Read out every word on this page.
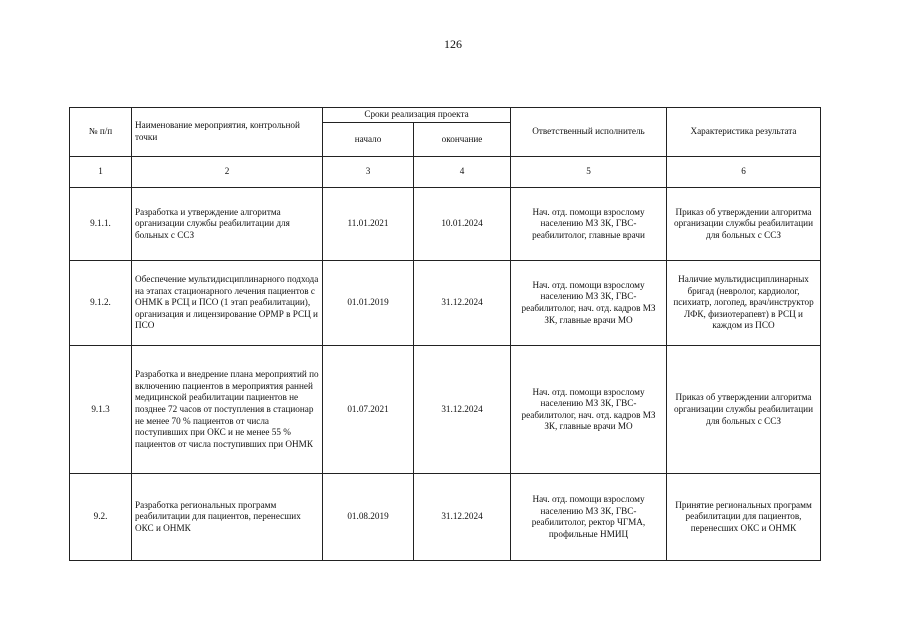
126
№ п/п	Наименование мероприятия, контрольной точки	Сроки реализация проекта		Ответственный исполнитель	Характеристика результата
		начало	окончание		
1	2	3	4	5	6
9.1.1.	Разработка и утверждение алгоритма организации службы реабилитации для больных с ССЗ	11.01.2021	10.01.2024	Нач. отд. помощи взрослому населению МЗ ЗК, ГВС-реабилитолог, главные врачи	Приказ об утверждении алгоритма организации службы реабилитации для больных с ССЗ
9.1.2.	Обеспечение мультидисциплинарного подхода на этапах стационарного лечения пациентов с ОНМК в РСЦ и ПСО (1 этап реабилитации), организация и лицензирование ОРМР в РСЦ и ПСО	01.01.2019	31.12.2024	Нач. отд. помощи взрослому населению МЗ ЗК, ГВС-реабилитолог, нач. отд. кадров МЗ ЗК, главные врачи МО	Наличие мультидисциплинарных бригад (невролог, кардиолог, психиатр, логопед, врач/инструктор ЛФК, физиотерапевт) в РСЦ и каждом из ПСО
9.1.3	Разработка и внедрение плана мероприятий по включению пациентов в мероприятия ранней медицинской реабилитации пациентов не позднее 72 часов от поступления в стационар не менее 70 % пациентов от числа поступивших при ОКС и не менее 55 % пациентов от числа поступивших при ОНМК	01.07.2021	31.12.2024	Нач. отд. помощи взрослому населению МЗ ЗК, ГВС-реабилитолог, нач. отд. кадров МЗ ЗК, главные врачи МО	Приказ об утверждении алгоритма организации службы реабилитации для больных с ССЗ
9.2.	Разработка региональных программ реабилитации для пациентов, перенесших ОКС и ОНМК	01.08.2019	31.12.2024	Нач. отд. помощи взрослому населению МЗ ЗК, ГВС-реабилитолог, ректор ЧГМА, профильные НМИЦ	Принятие региональных программ реабилитации для пациентов, перенесших ОКС и ОНМК
